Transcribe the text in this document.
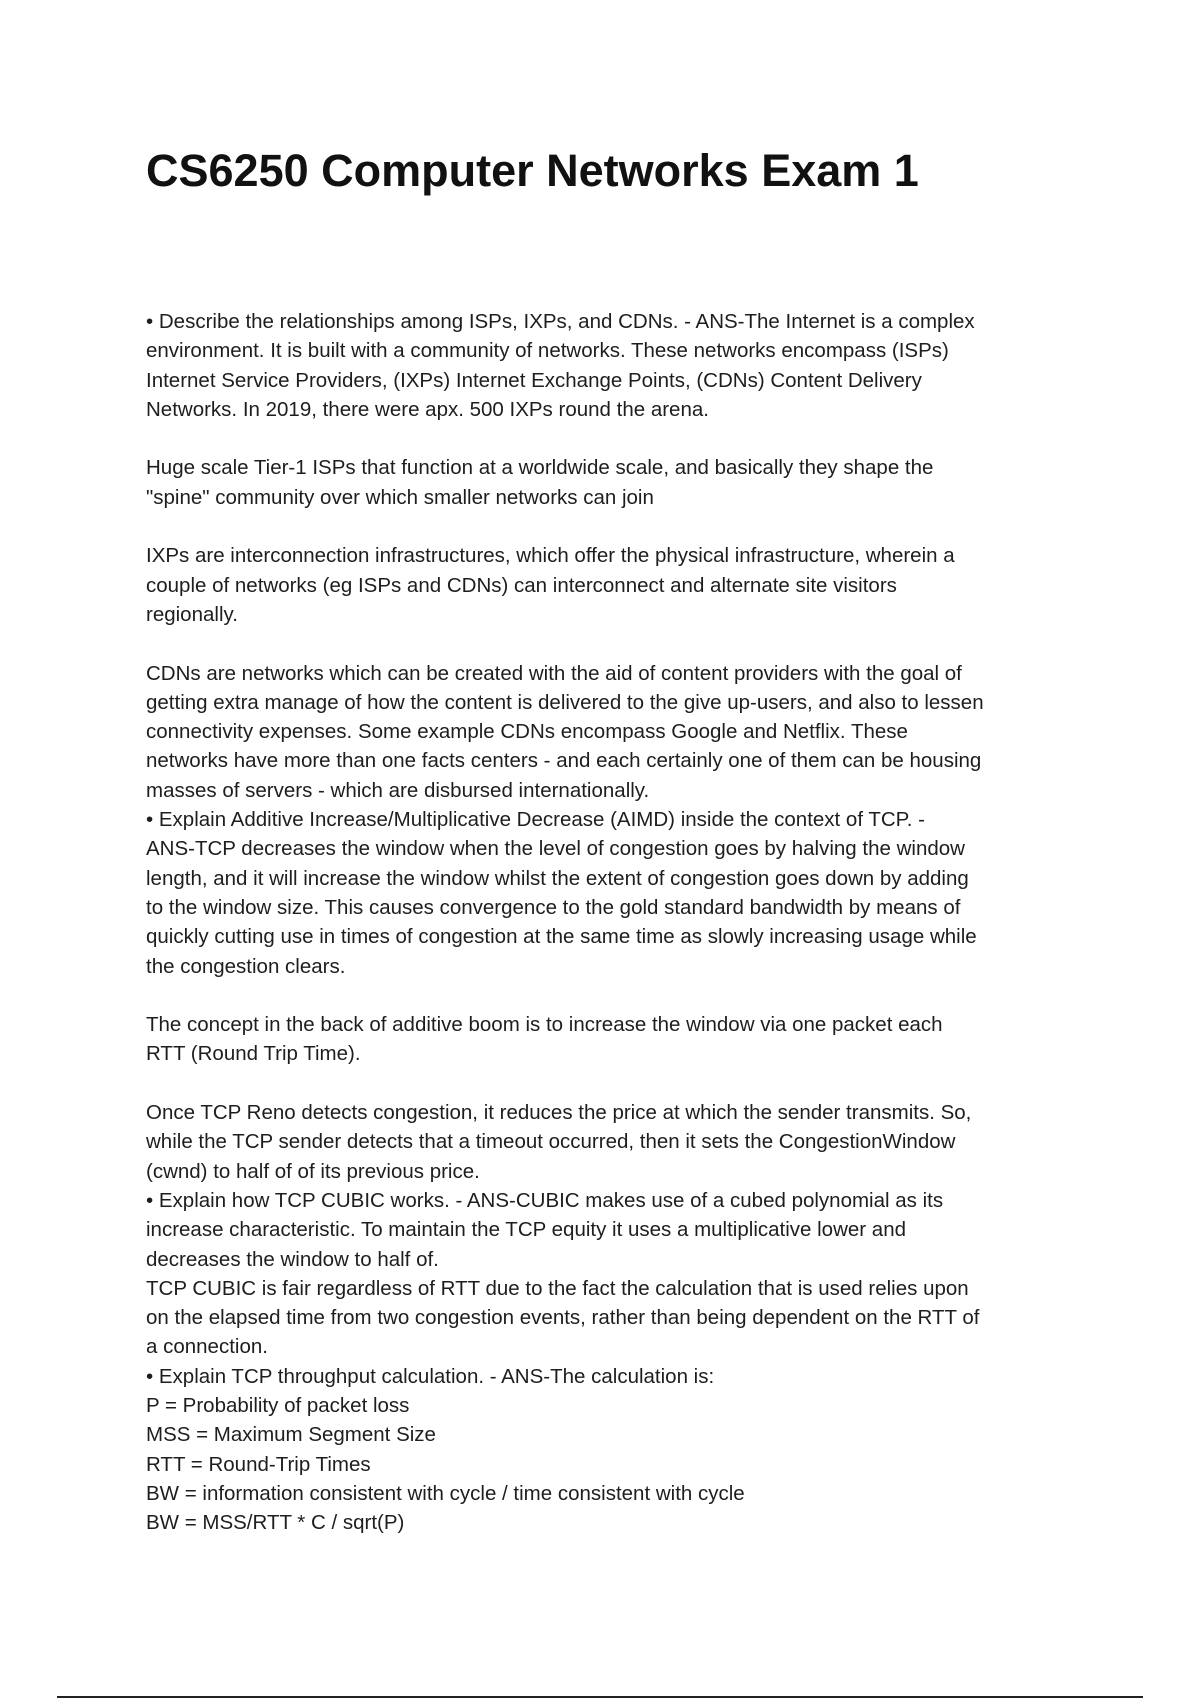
CS6250 Computer Networks Exam 1
• Describe the relationships among ISPs, IXPs, and CDNs. - ANS-The Internet is a complex
environment. It is built with a community of networks. These networks encompass (ISPs)
Internet Service Providers, (IXPs) Internet Exchange Points, (CDNs) Content Delivery
Networks. In 2019, there were apx. 500 IXPs round the arena.
Huge scale Tier-1 ISPs that function at a worldwide scale, and basically they shape the
"spine" community over which smaller networks can join
IXPs are interconnection infrastructures, which offer the physical infrastructure, wherein a
couple of networks (eg ISPs and CDNs) can interconnect and alternate site visitors
regionally.
CDNs are networks which can be created with the aid of content providers with the goal of
getting extra manage of how the content is delivered to the give up-users, and also to lessen
connectivity expenses. Some example CDNs encompass Google and Netflix. These
networks have more than one facts centers - and each certainly one of them can be housing
masses of servers - which are disbursed internationally.
• Explain Additive Increase/Multiplicative Decrease (AIMD) inside the context of TCP. -
ANS-TCP decreases the window when the level of congestion goes by halving the window
length, and it will increase the window whilst the extent of congestion goes down by adding
to the window size. This causes convergence to the gold standard bandwidth by means of
quickly cutting use in times of congestion at the same time as slowly increasing usage while
the congestion clears.
The concept in the back of additive boom is to increase the window via one packet each
RTT (Round Trip Time).
Once TCP Reno detects congestion, it reduces the price at which the sender transmits. So,
while the TCP sender detects that a timeout occurred, then it sets the CongestionWindow
(cwnd) to half of of its previous price.
• Explain how TCP CUBIC works. - ANS-CUBIC makes use of a cubed polynomial as its
increase characteristic. To maintain the TCP equity it uses a multiplicative lower and
decreases the window to half of.
TCP CUBIC is fair regardless of RTT due to the fact the calculation that is used relies upon
on the elapsed time from two congestion events, rather than being dependent on the RTT of
a connection.
• Explain TCP throughput calculation. - ANS-The calculation is:
P = Probability of packet loss
MSS = Maximum Segment Size
RTT = Round-Trip Times
BW = information consistent with cycle / time consistent with cycle
BW = MSS/RTT * C / sqrt(P)
